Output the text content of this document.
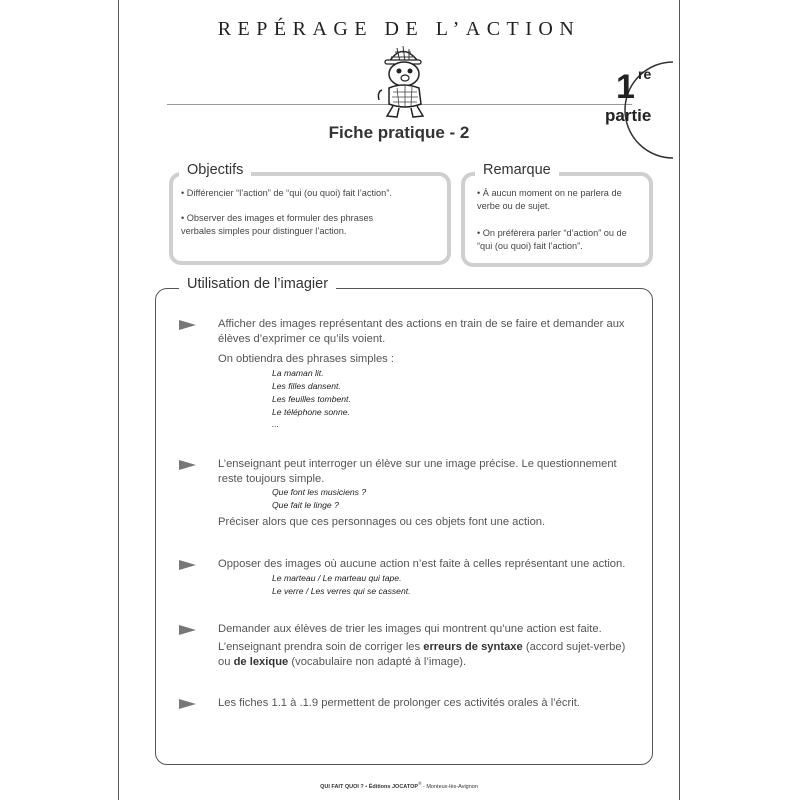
REPÉRAGE DE L’ACTION
1 re
partie
Fiche pratique - 2
Objectifs
• Différencier “l’action” de “qui (ou quoi) fait l’action”.
• Observer des images et formuler des phrases verbales simples pour distinguer l’action.
Remarque
• À aucun moment on ne parlera de verbe ou de sujet.
• On préfèrera parler “d’action” ou de “qui (ou quoi) fait l’action”.
Utilisation de l’imagier
Afficher des images représentant des actions en train de se faire et demander aux élèves d’exprimer ce qu’ils voient.
On obtiendra des phrases simples :
La maman lit.
Les filles dansent.
Les feuilles tombent.
Le téléphone sonne.
...
L’enseignant peut interroger un élève sur une image précise. Le questionnement reste toujours simple.
Que font les musiciens ?
Que fait le linge ?
Préciser alors que ces personnages ou ces objets font une action.
Opposer des images où aucune action n’est faite à celles représentant une action.
Le marteau / Le marteau qui tape.
Le verre / Les verres qui se cassent.
Demander aux élèves de trier les images qui montrent qu’une action est faite.
L’enseignant prendra soin de corriger les erreurs de syntaxe (accord sujet-verbe) ou de lexique (vocabulaire non adapté à l’image).
Les fiches 1.1 à .1.9 permettent de prolonger ces activités orales à l’écrit.
QUI FAIT QUOI ? • Éditions JOCATOP® - Monteux-lès-Avignon
